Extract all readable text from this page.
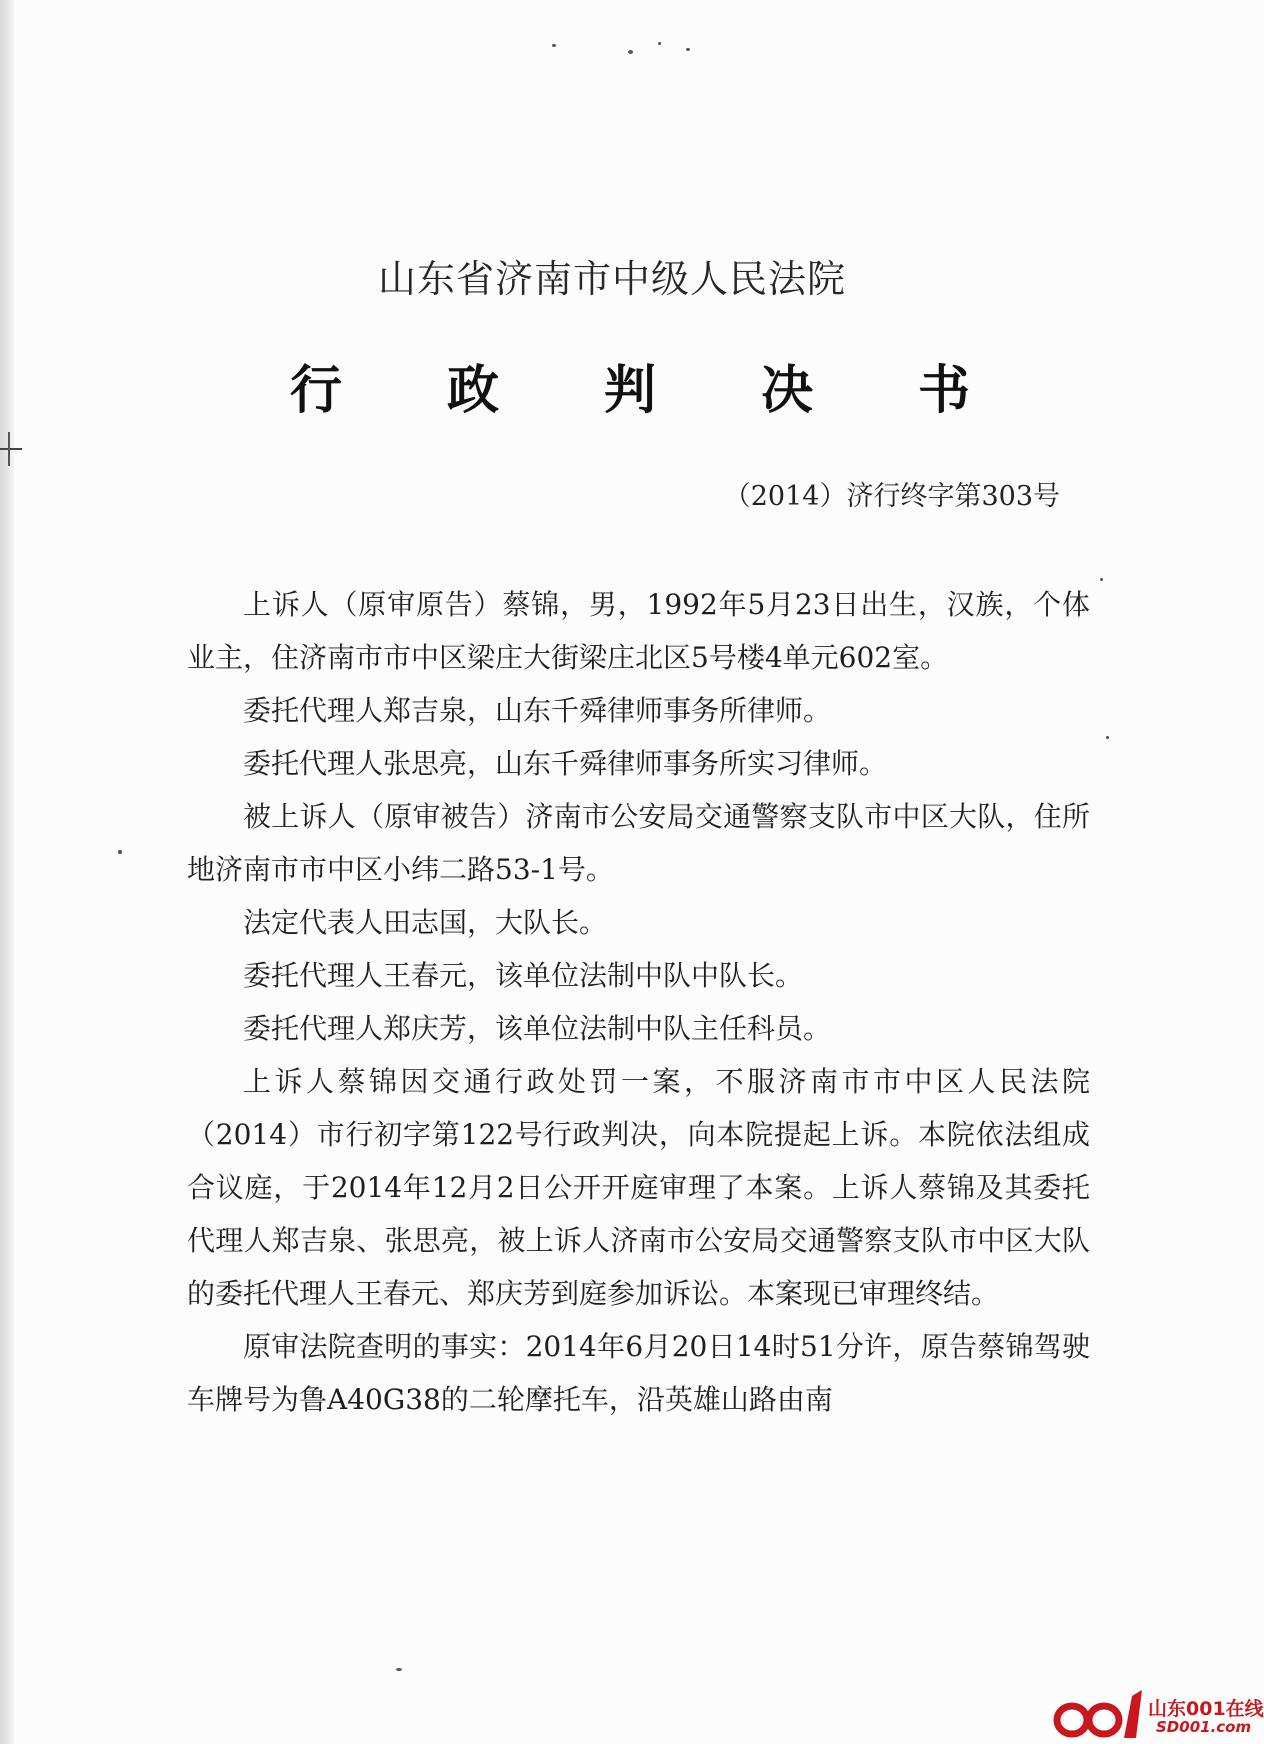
山东省济南市中级人民法院
行 政 判 决 书
（2014）济行终字第303号

上诉人（原审原告）蔡锦，男，1992年5月23日出生，汉族，个体业主，住济南市市中区梁庄大街梁庄北区5号楼4单元602室。

委托代理人郑吉泉，山东千舜律师事务所律师。

委托代理人张思亮，山东千舜律师事务所实习律师。

被上诉人（原审被告）济南市公安局交通警察支队市中区大队，住所地济南市市中区小纬二路53-1号。

法定代表人田志国，大队长。

委托代理人王春元，该单位法制中队中队长。

委托代理人郑庆芳，该单位法制中队主任科员。

上诉人蔡锦因交通行政处罚一案，不服济南市市中区人民法院（2014）市行初字第122号行政判决，向本院提起上诉。本院依法组成合议庭，于2014年12月2日公开开庭审理了本案。上诉人蔡锦及其委托代理人郑吉泉、张思亮，被上诉人济南市公安局交通警察支队市中区大队的委托代理人王春元、郑庆芳到庭参加诉讼。本案现已审理终结。

原审法院查明的事实：2014年6月20日14时51分许，原告蔡锦驾驶车牌号为鲁A40G38的二轮摩托车，沿英雄山路由南

山东001在线
SD001.com
